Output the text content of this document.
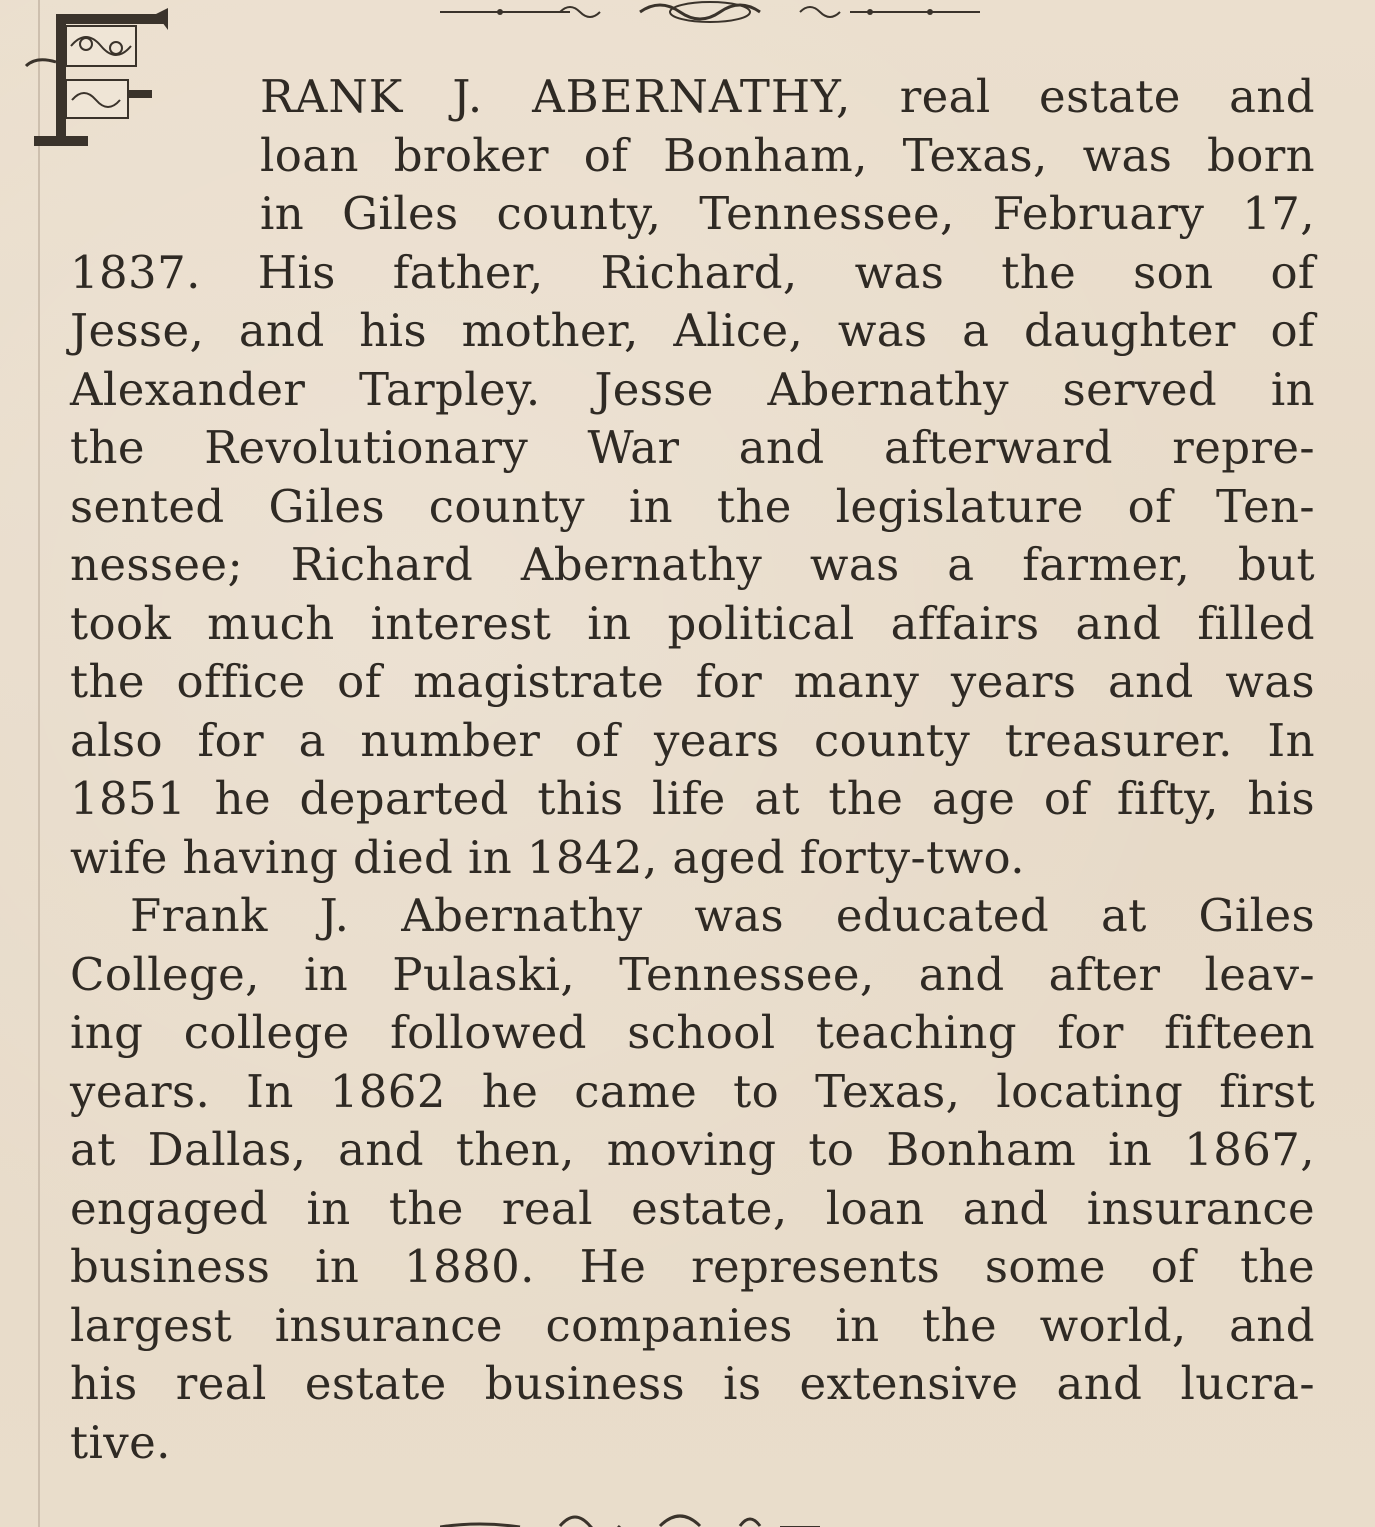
RANK J. ABERNATHY, real estate and
loan broker of Bonham, Texas, was born
in Giles county, Tennessee, February 17,
1837. His father, Richard, was the son of
Jesse, and his mother, Alice, was a daughter of
Alexander Tarpley. Jesse Abernathy served in
the Revolutionary War and afterward repre-
sented Giles county in the legislature of Ten-
nessee; Richard Abernathy was a farmer, but
took much interest in political affairs and filled
the office of magistrate for many years and was
also for a number of years county treasurer. In
1851 he departed this life at the age of fifty, his
wife having died in 1842, aged forty-two.
Frank J. Abernathy was educated at Giles
College, in Pulaski, Tennessee, and after leav-
ing college followed school teaching for fifteen
years. In 1862 he came to Texas, locating first
at Dallas, and then, moving to Bonham in 1867,
engaged in the real estate, loan and insurance
business in 1880. He represents some of the
largest insurance companies in the world, and
his real estate business is extensive and lucra-
tive.
